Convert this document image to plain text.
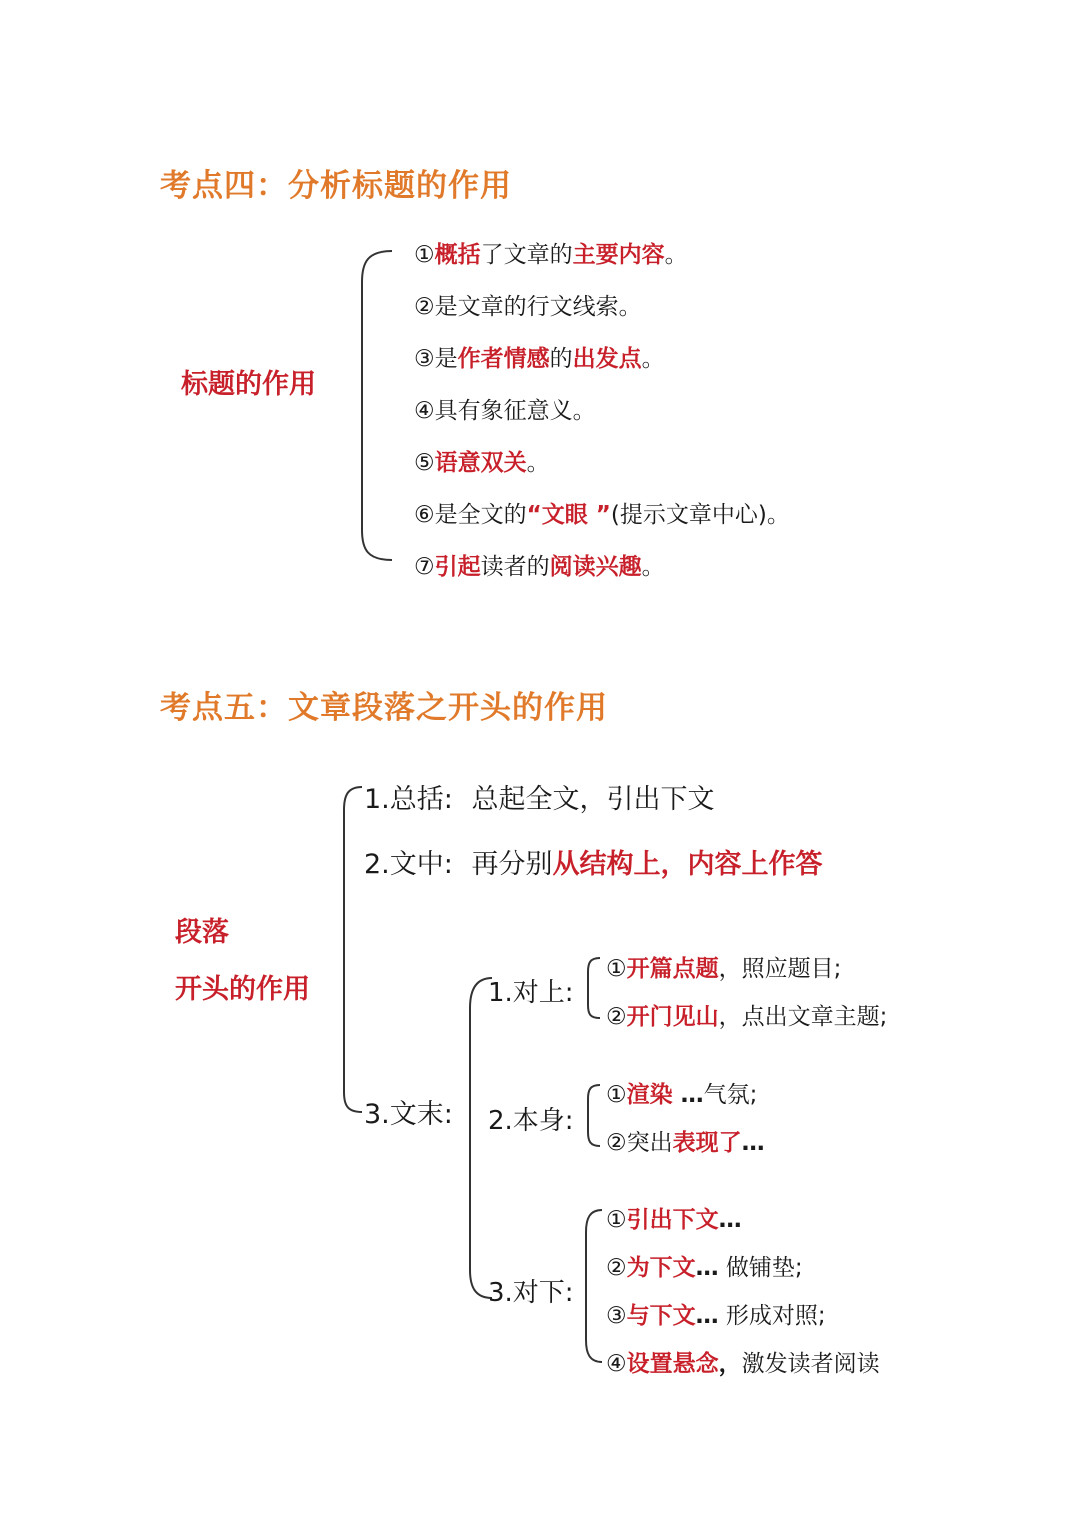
考点四：分析标题的作用
标题的作用
①概括了文章的主要内容。
②是文章的行文线索。
③是作者情感的出发点。
④具有象征意义。
⑤语意双关。
⑥是全文的“文眼 ”(提示文章中心)。
⑦引起读者的阅读兴趣。
考点五：文章段落之开头的作用
段落
开头的作用
1.总括: 总起全文，引出下文
2.文中: 再分别从结构上，内容上作答
3.文末:
1.对上:
2.本身:
3.对下:
①开篇点题，照应题目;
②开门见山，点出文章主题;
①渲染 …气氛;
②突出表现了…
①引出下文…
②为下文… 做铺垫;
③与下文… 形成对照;
④设置悬念，激发读者阅读
